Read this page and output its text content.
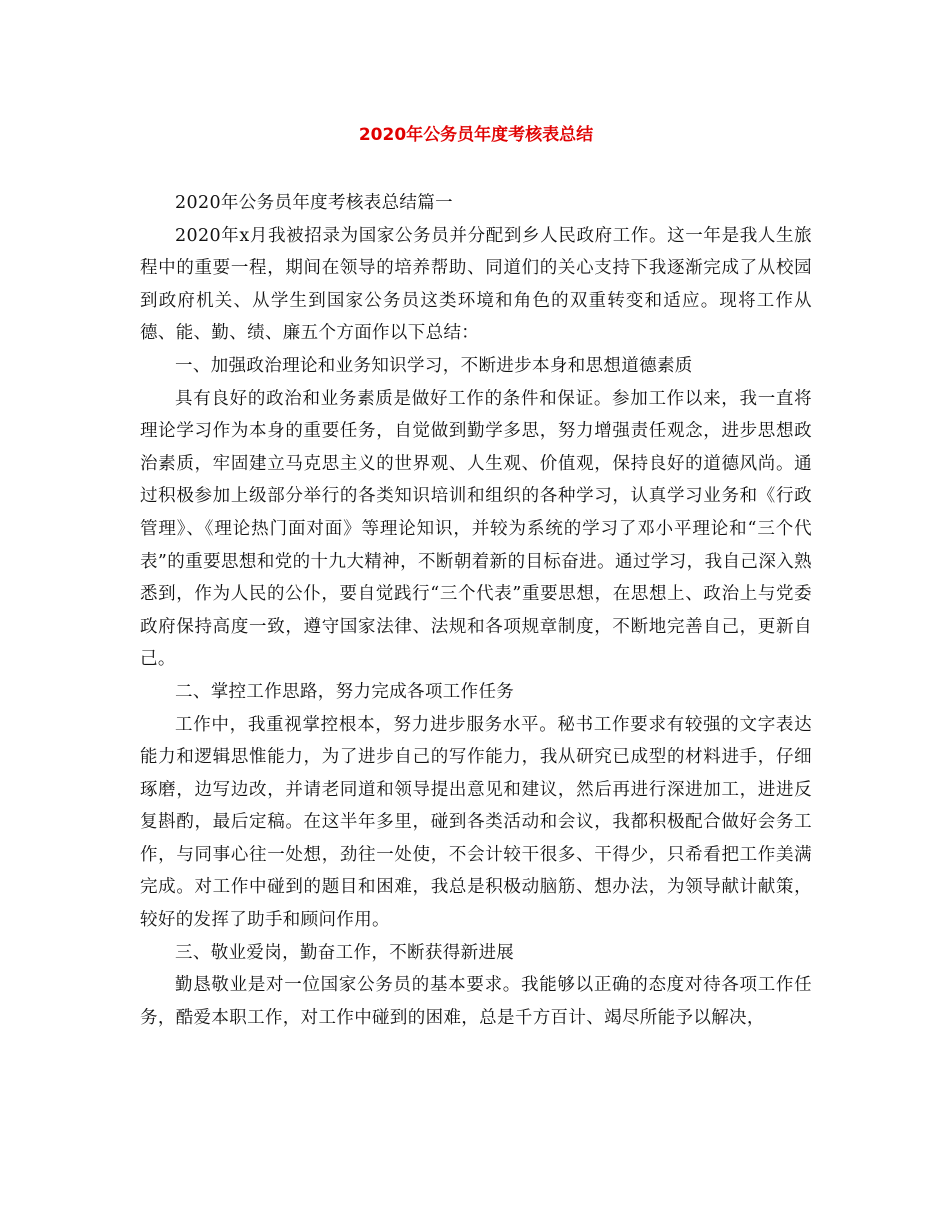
2020年公务员年度考核表总结

2020年公务员年度考核表总结篇一

2020年x月我被招录为国家公务员并分配到乡人民政府工作。这一年是我人生旅程中的重要一程，期间在领导的培养帮助、同道们的关心支持下我逐渐完成了从校园到政府机关、从学生到国家公务员这类环境和角色的双重转变和适应。现将工作从德、能、勤、绩、廉五个方面作以下总结：

一、加强政治理论和业务知识学习，不断进步本身和思想道德素质

具有良好的政治和业务素质是做好工作的条件和保证。参加工作以来，我一直将理论学习作为本身的重要任务，自觉做到勤学多思，努力增强责任观念，进步思想政治素质，牢固建立马克思主义的世界观、人生观、价值观，保持良好的道德风尚。通过积极参加上级部分举行的各类知识培训和组织的各种学习，认真学习业务和《行政管理》、《理论热门面对面》等理论知识，并较为系统的学习了邓小平理论和“三个代表”的重要思想和党的十九大精神，不断朝着新的目标奋进。通过学习，我自己深入熟悉到，作为人民的公仆，要自觉践行“三个代表”重要思想，在思想上、政治上与党委政府保持高度一致，遵守国家法律、法规和各项规章制度，不断地完善自己，更新自己。

二、掌控工作思路，努力完成各项工作任务

工作中，我重视掌控根本，努力进步服务水平。秘书工作要求有较强的文字表达能力和逻辑思惟能力，为了进步自己的写作能力，我从研究已成型的材料进手，仔细琢磨，边写边改，并请老同道和领导提出意见和建议，然后再进行深进加工，进进反复斟酌，最后定稿。在这半年多里，碰到各类活动和会议，我都积极配合做好会务工作，与同事心往一处想，劲往一处使，不会计较干很多、干得少，只希看把工作美满完成。对工作中碰到的题目和困难，我总是积极动脑筋、想办法，为领导献计献策，较好的发挥了助手和顾问作用。

三、敬业爱岗，勤奋工作，不断获得新进展

勤恳敬业是对一位国家公务员的基本要求。我能够以正确的态度对待各项工作任务，酷爱本职工作，对工作中碰到的困难，总是千方百计、竭尽所能予以解决，
